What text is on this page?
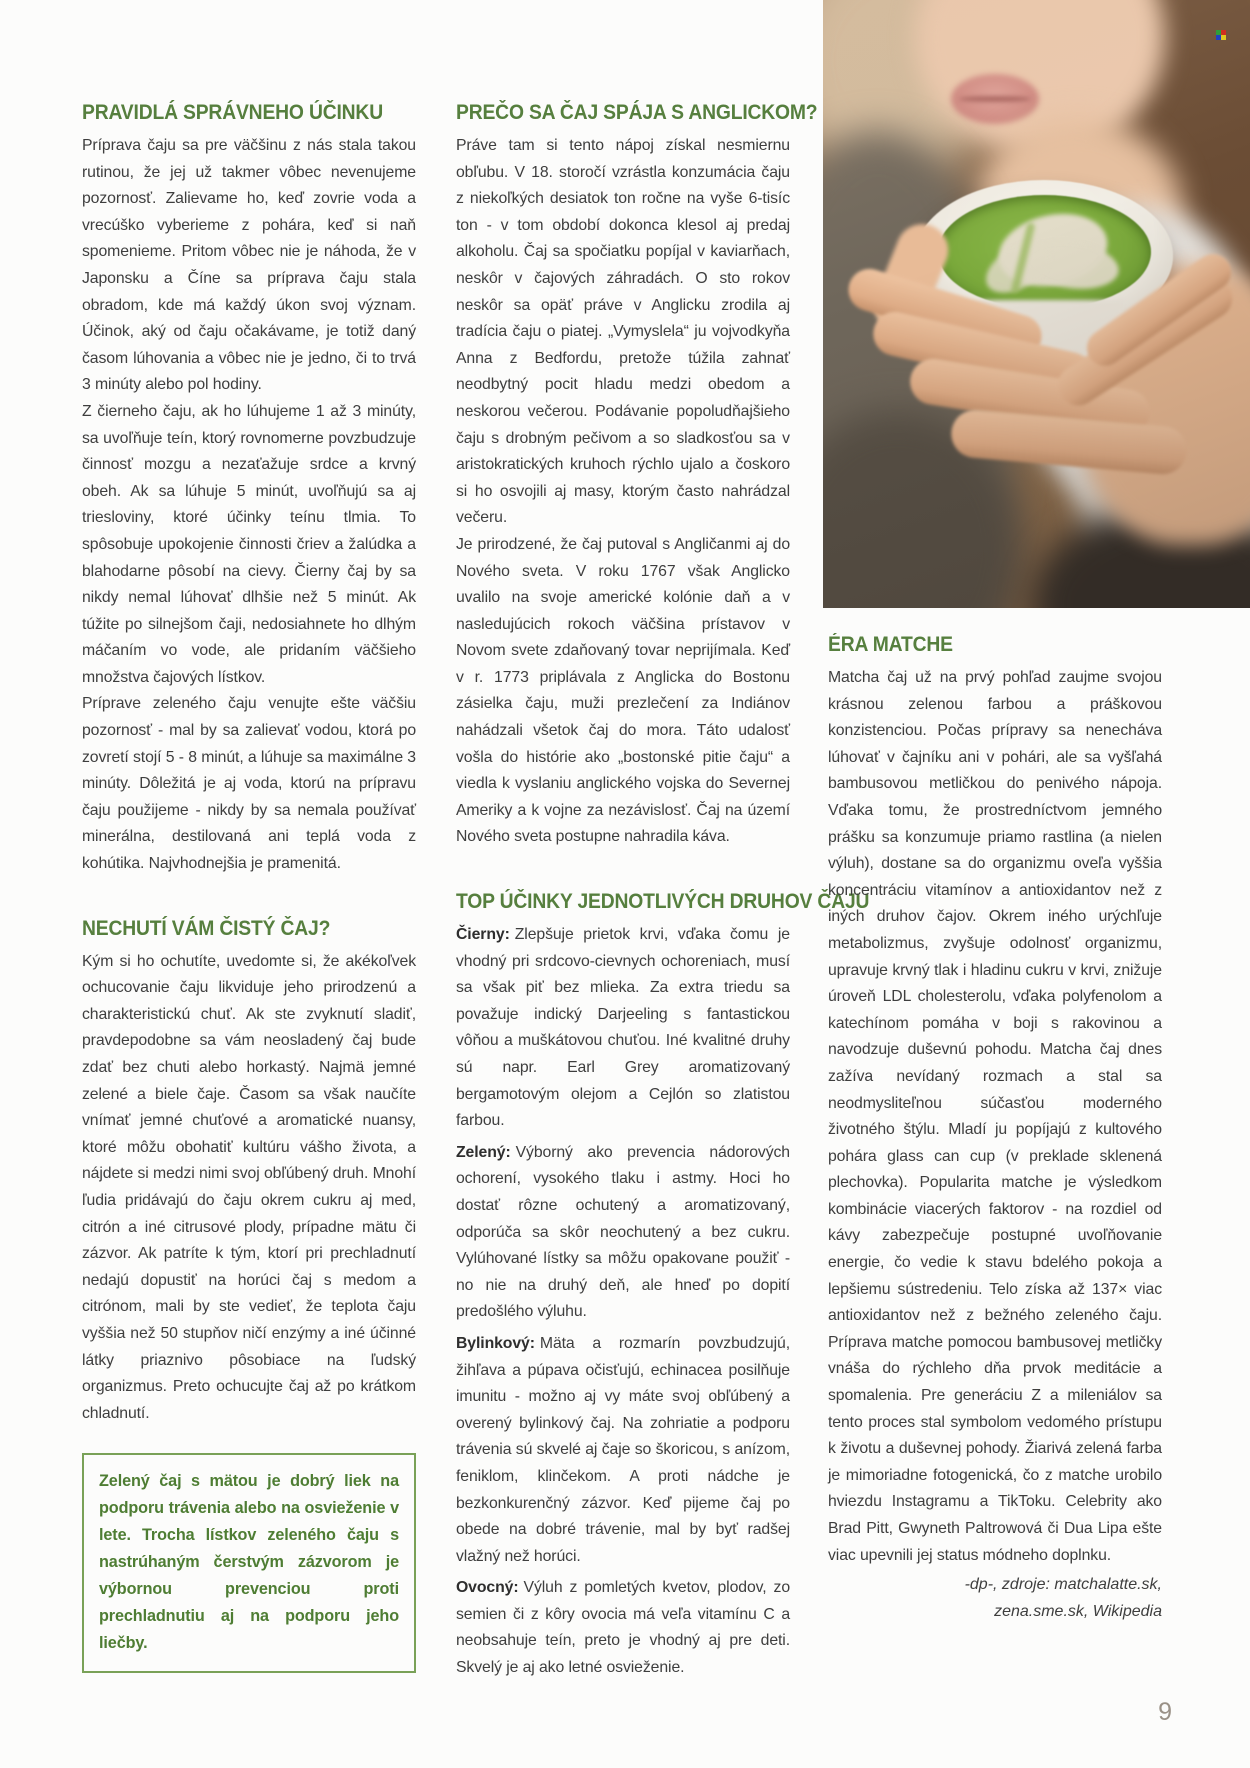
PRAVIDLÁ SPRÁVNEHO ÚČINKU

Príprava čaju sa pre väčšinu z nás stala takou rutinou, že jej už takmer vôbec nevenujeme pozornosť. Zalievame ho, keď zovrie voda a vrecúško vyberieme z pohára, keď si naň spomenieme. Pritom vôbec nie je náhoda, že v Japonsku a Číne sa príprava čaju stala obradom, kde má každý úkon svoj význam. Účinok, aký od čaju očakávame, je totiž daný časom lúhovania a vôbec nie je jedno, či to trvá 3 minúty alebo pol hodiny.

Z čierneho čaju, ak ho lúhujeme 1 až 3 minúty, sa uvoľňuje teín, ktorý rovnomerne povzbudzuje činnosť mozgu a nezaťažuje srdce a krvný obeh. Ak sa lúhuje 5 minút, uvoľňujú sa aj triesloviny, ktoré účinky teínu tlmia. To spôsobuje upokojenie činnosti čriev a žalúdka a blahodarne pôsobí na cievy. Čierny čaj by sa nikdy nemal lúhovať dlhšie než 5 minút. Ak túžite po silnejšom čaji, nedosiahnete ho dlhým máčaním vo vode, ale pridaním väčšieho množstva čajových lístkov.

Príprave zeleného čaju venujte ešte väčšiu pozornosť - mal by sa zalievať vodou, ktorá po zovretí stojí 5 - 8 minút, a lúhuje sa maximálne 3 minúty. Dôležitá je aj voda, ktorú na prípravu čaju použijeme - nikdy by sa nemala používať minerálna, destilovaná ani teplá voda z kohútika. Najvhodnejšia je pramenitá.

NECHUTÍ VÁM ČISTÝ ČAJ?

Kým si ho ochutíte, uvedomte si, že akékoľvek ochucovanie čaju likviduje jeho prirodzenú a charakteristickú chuť. Ak ste zvyknutí sladiť, pravdepodobne sa vám neosladený čaj bude zdať bez chuti alebo horkastý. Najmä jemné zelené a biele čaje. Časom sa však naučíte vnímať jemné chuťové a aromatické nuansy, ktoré môžu obohatiť kultúru vášho života, a nájdete si medzi nimi svoj obľúbený druh. Mnohí ľudia pridávajú do čaju okrem cukru aj med, citrón a iné citrusové plody, prípadne mätu či zázvor. Ak patríte k tým, ktorí pri prechladnutí nedajú dopustiť na horúci čaj s medom a citrónom, mali by ste vedieť, že teplota čaju vyššia než 50 stupňov ničí enzýmy a iné účinné látky priaznivo pôsobiace na ľudský organizmus. Preto ochucujte čaj až po krátkom chladnutí.

Zelený čaj s mätou je dobrý liek na podporu trávenia alebo na osvieženie v lete. Trocha lístkov zeleného čaju s nastrúhaným čerstvým zázvorom je výbornou prevenciou proti prechladnutiu aj na podporu jeho liečby.
PREČO SA ČAJ SPÁJA S ANGLICKOM?

Práve tam si tento nápoj získal nesmiernu obľubu. V 18. storočí vzrástla konzumácia čaju z niekoľkých desiatok ton ročne na vyše 6-tisíc ton - v tom období dokonca klesol aj predaj alkoholu. Čaj sa spočiatku popíjal v kaviarňach, neskôr v čajových záhradách. O sto rokov neskôr sa opäť práve v Anglicku zrodila aj tradícia čaju o piatej. „Vymyslela“ ju vojvodkyňa Anna z Bedfordu, pretože túžila zahnať neodbytný pocit hladu medzi obedom a neskorou večerou. Podávanie popoludňajšieho čaju s drobným pečivom a so sladkosťou sa v aristokratických kruhoch rýchlo ujalo a čoskoro si ho osvojili aj masy, ktorým často nahrádzal večeru.

Je prirodzené, že čaj putoval s Angličanmi aj do Nového sveta. V roku 1767 však Anglicko uvalilo na svoje americké kolónie daň a v nasledujúcich rokoch väčšina prístavov v Novom svete zdaňovaný tovar neprijímala. Keď v r. 1773 priplávala z Anglicka do Bostonu zásielka čaju, muži prezlečení za Indiánov nahádzali všetok čaj do mora. Táto udalosť vošla do histórie ako „bostonské pitie čaju“ a viedla k vyslaniu anglického vojska do Severnej Ameriky a k vojne za nezávislosť. Čaj na území Nového sveta postupne nahradila káva.

TOP ÚČINKY JEDNOTLIVÝCH DRUHOV ČAJU

Čierny: Zlepšuje prietok krvi, vďaka čomu je vhodný pri srdcovo-cievnych ochoreniach, musí sa však piť bez mlieka. Za extra triedu sa považuje indický Darjeeling s fantastickou vôňou a muškátovou chuťou. Iné kvalitné druhy sú napr. Earl Grey aromatizovaný bergamotovým olejom a Cejlón so zlatistou farbou.

Zelený: Výborný ako prevencia nádorových ochorení, vysokého tlaku i astmy. Hoci ho dostať rôzne ochutený a aromatizovaný, odporúča sa skôr neochutený a bez cukru. Vylúhované lístky sa môžu opakovane použiť - no nie na druhý deň, ale hneď po dopití predošlého výluhu.

Bylinkový: Mäta a rozmarín povzbudzujú, žihľava a púpava očisťujú, echinacea posilňuje imunitu - možno aj vy máte svoj obľúbený a overený bylinkový čaj. Na zohriatie a podporu trávenia sú skvelé aj čaje so škoricou, s anízom, feniklom, klinčekom. A proti nádche je bezkonkurenčný zázvor. Keď pijeme čaj po obede na dobré trávenie, mal by byť radšej vlažný než horúci.

Ovocný: Výluh z pomletých kvetov, plodov, zo semien či z kôry ovocia má veľa vitamínu C a neobsahuje teín, preto je vhodný aj pre deti. Skvelý je aj ako letné osvieženie.

ÉRA MATCHE

Matcha čaj už na prvý pohľad zaujme svojou krásnou zelenou farbou a práškovou konzistenciou. Počas prípravy sa nenecháva lúhovať v čajníku ani v pohári, ale sa vyšľahá bambusovou metličkou do penivého nápoja. Vďaka tomu, že prostredníctvom jemného prášku sa konzumuje priamo rastlina (a nielen výluh), dostane sa do organizmu oveľa vyššia koncentráciu vitamínov a antioxidantov než z iných druhov čajov. Okrem iného urýchľuje metabolizmus, zvyšuje odolnosť organizmu, upravuje krvný tlak i hladinu cukru v krvi, znižuje úroveň LDL cholesterolu, vďaka polyfenolom a katechínom pomáha v boji s rakovinou a navodzuje duševnú pohodu. Matcha čaj dnes zažíva nevídaný rozmach a stal sa neodmysliteľnou súčasťou moderného životného štýlu. Mladí ju popíjajú z kultového pohára glass can cup (v preklade sklenená plechovka). Popularita matche je výsledkom kombinácie viacerých faktorov - na rozdiel od kávy zabezpečuje postupné uvoľňovanie energie, čo vedie k stavu bdelého pokoja a lepšiemu sústredeniu. Telo získa až 137× viac antioxidantov než z bežného zeleného čaju. Príprava matche pomocou bambusovej metličky vnáša do rýchleho dňa prvok meditácie a spomalenia. Pre generáciu Z a mileniálov sa tento proces stal symbolom vedomého prístupu k životu a duševnej pohody. Žiarivá zelená farba je mimoriadne fotogenická, čo z matche urobilo hviezdu Instagramu a TikToku. Celebrity ako Brad Pitt, Gwyneth Paltrowová či Dua Lipa ešte viac upevnili jej status módneho doplnku.

-dp-, zdroje: matchalatte.sk,
zena.sme.sk, Wikipedia
9
